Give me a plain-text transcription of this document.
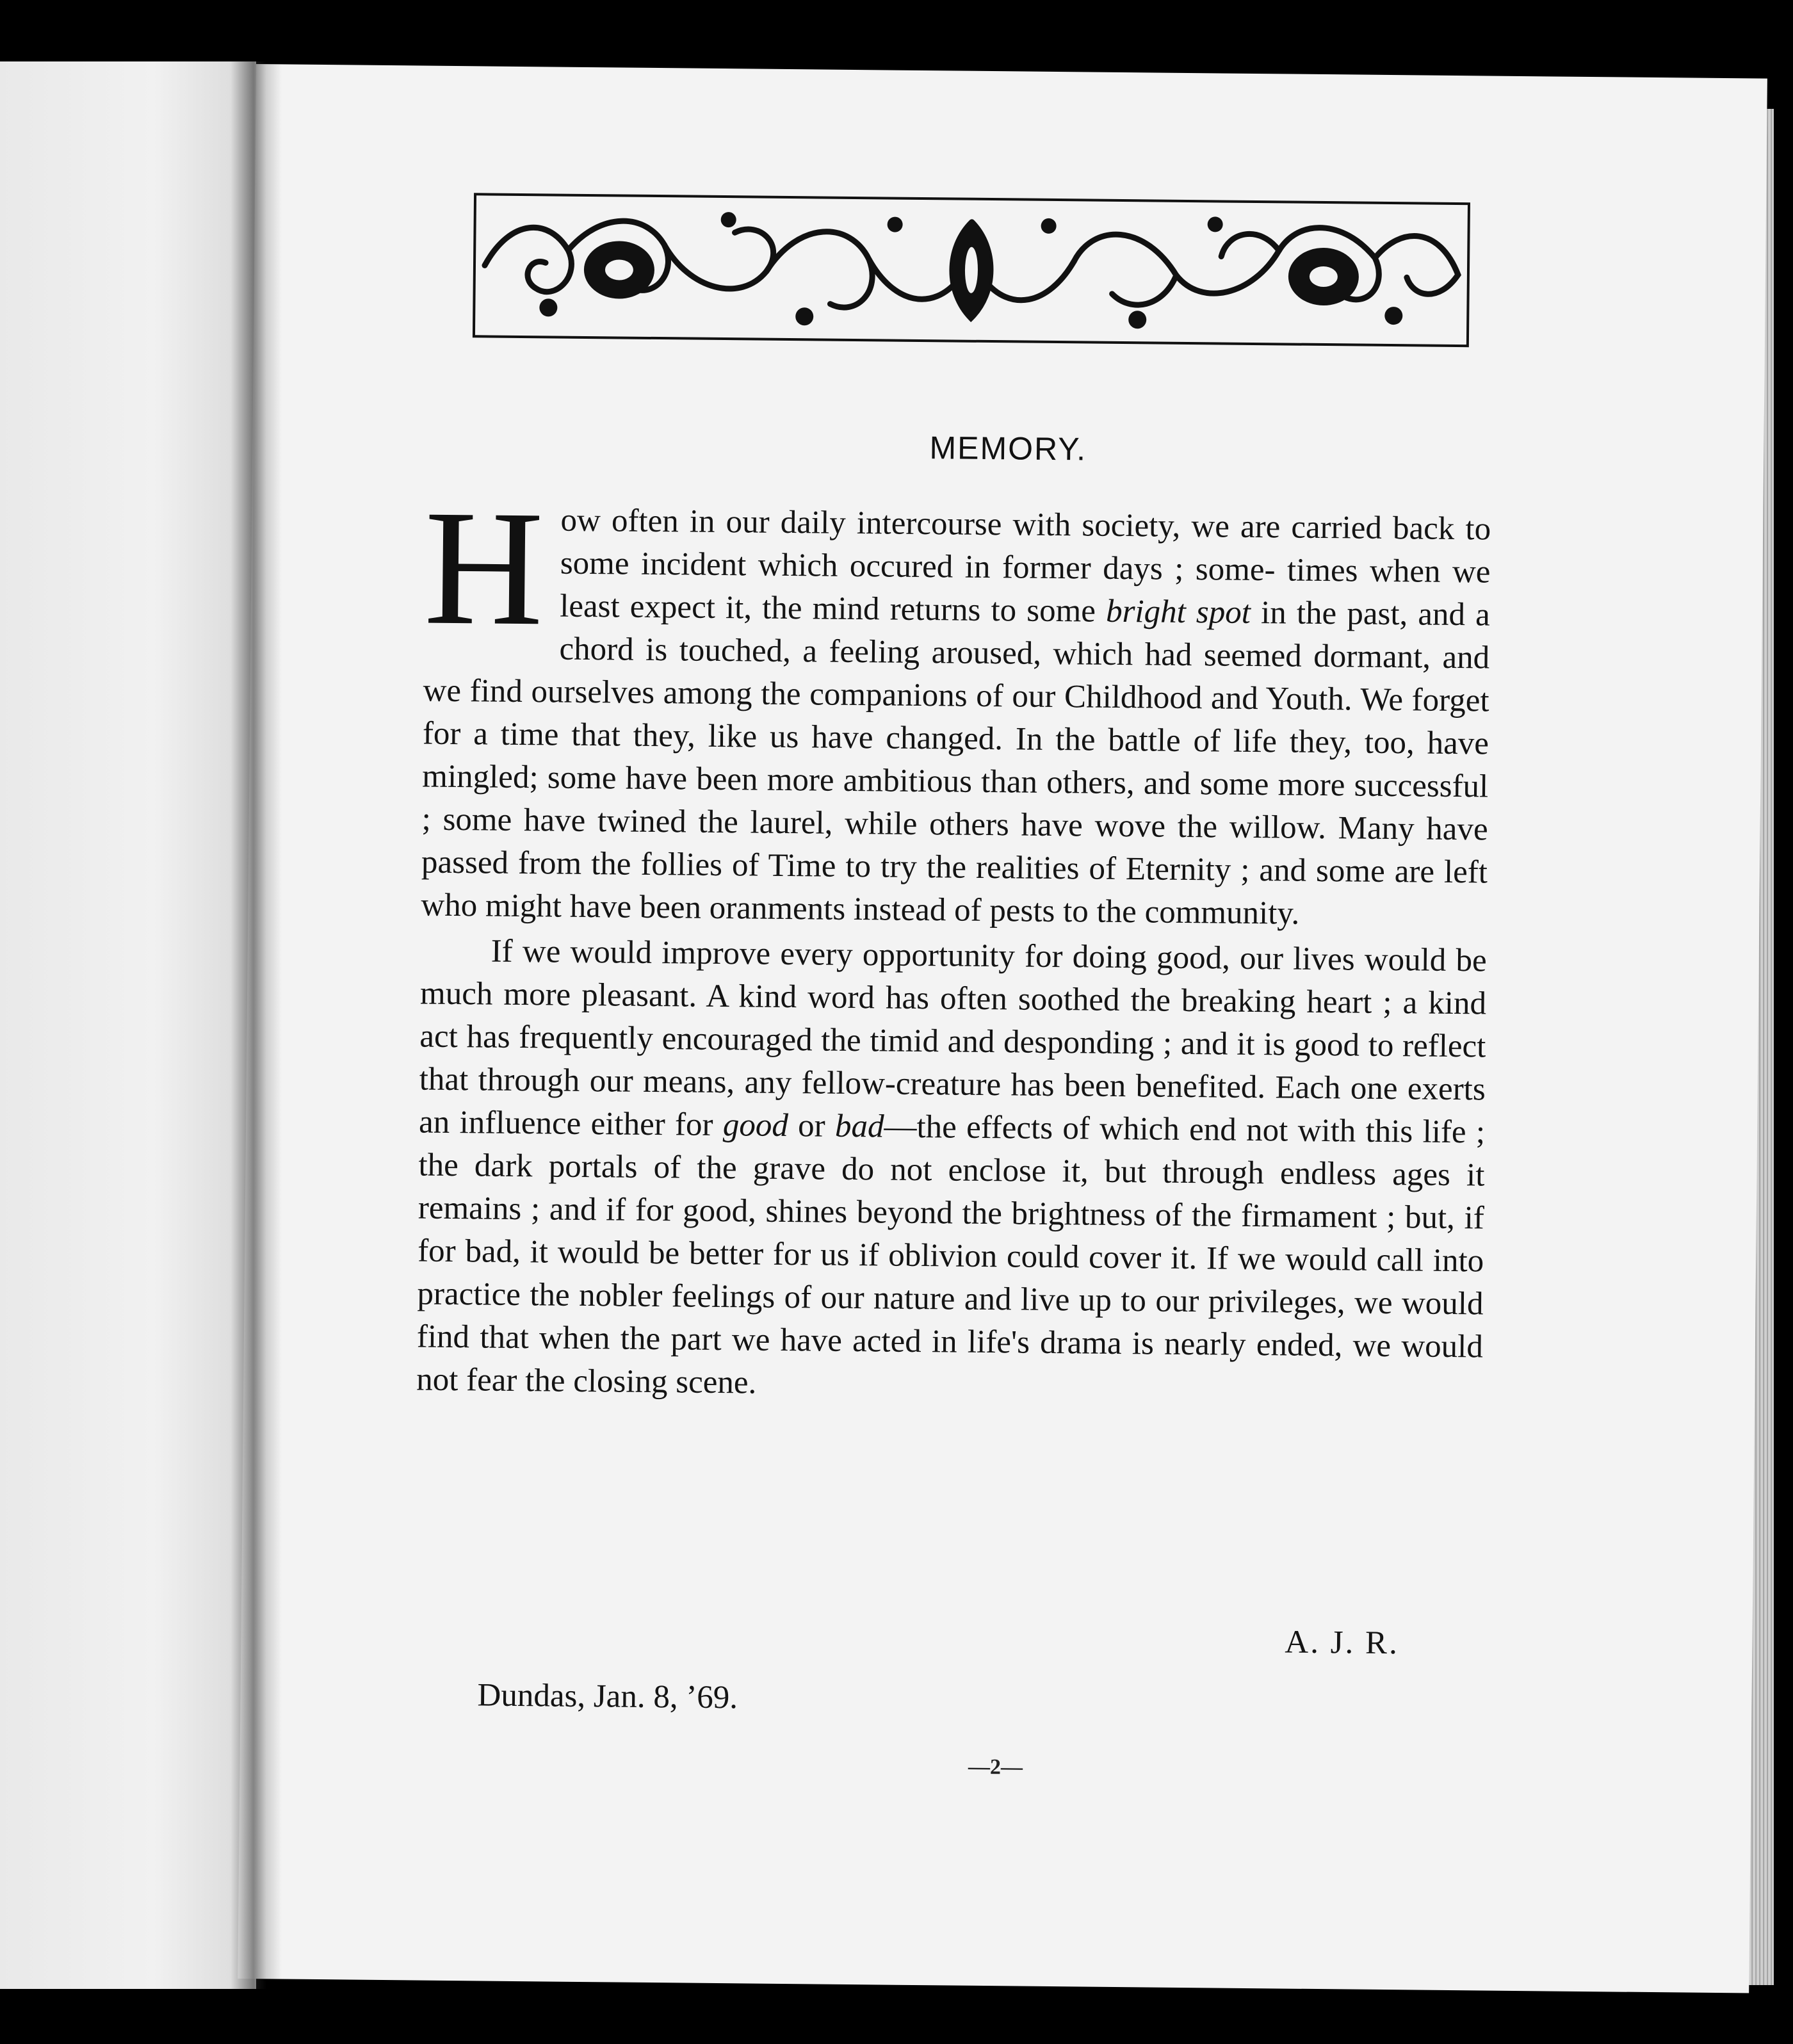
MEMORY.

H ow often in our daily intercourse with society, we are carried back to some incident which occured in former days ; some- times when we least expect it, the mind returns to some bright spot in the past, and a chord is touched, a feeling aroused, which had seemed dormant, and we find ourselves among the companions of our Childhood and Youth. We forget for a time that they, like us have changed. In the battle of life they, too, have mingled; some have been more ambitious than others, and some more successful ; some have twined the laurel, while others have wove the willow. Many have passed from the follies of Time to try the realities of Eternity ; and some are left who might have been oranments instead of pests to the community.

If we would improve every opportunity for doing good, our lives would be much more pleasant. A kind word has often soothed the breaking heart ; a kind act has frequently encouraged the timid and desponding ; and it is good to reflect that through our means, any fellow-creature has been benefited. Each one exerts an influence either for good or bad—the effects of which end not with this life ; the dark portals of the grave do not enclose it, but through endless ages it remains ; and if for good, shines beyond the brightness of the firmament ; but, if for bad, it would be better for us if oblivion could cover it. If we would call into practice the nobler feelings of our nature and live up to our privileges, we would find that when the part we have acted in life's drama is nearly ended, we would not fear the closing scene.

A. J. R.
Dundas, Jan. 8, ’69.
—2—
